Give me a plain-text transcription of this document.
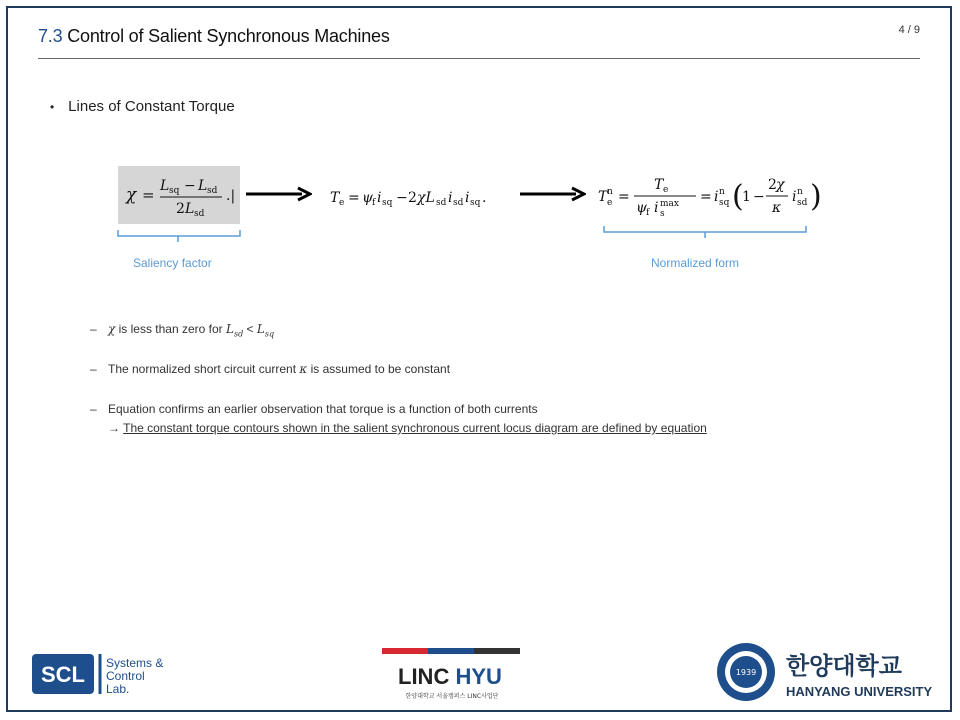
7.3 Control of Salient Synchronous Machines	4 / 9
• Lines of Constant Torque
χ = L sq − L sd
2 L sd
.|	T e = ψ f i sq − 2 χL sd i sd i sq .	T n
e =
T e
ψ f i max
s
= i n
sq (
1 −
2 χ
κ
i n
sd )
Saliency factor	Normalized form
– χ is less than zero for $L_{sd} < L_{sq}$
– The normalized short circuit current κ is assumed to be constant
– Equation confirms an earlier observation that torque is a function of both currents
→ The constant torque contours shown in the salient synchronous current locus diagram are defined by equation
SCL Systems &
Control
Lab.	LINC HYU
한양대학교 서울캠퍼스 LINC사업단
1939 한양대학교
HANYANG UNIVERSITY
